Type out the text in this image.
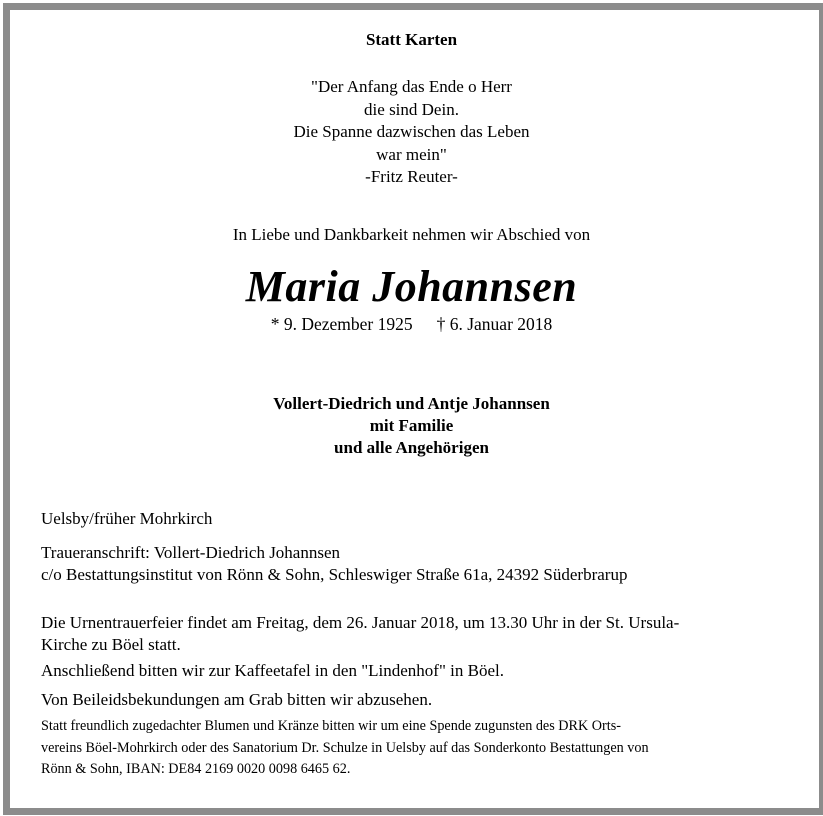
Statt Karten
"Der Anfang das Ende o Herr
die sind Dein.
Die Spanne dazwischen das Leben
war mein"
-Fritz Reuter-
In Liebe und Dankbarkeit nehmen wir Abschied von
Maria Johannsen
* 9. Dezember 1925 † 6. Januar 2018
Vollert-Diedrich und Antje Johannsen
mit Familie
und alle Angehörigen
Uelsby/früher Mohrkirch
Traueranschrift: Vollert-Diedrich Johannsen
c/o Bestattungsinstitut von Rönn & Sohn, Schleswiger Straße 61a, 24392 Süderbrarup
Die Urnentrauerfeier findet am Freitag, dem 26. Januar 2018, um 13.30 Uhr in der St. Ursula-
Kirche zu Böel statt.
Anschließend bitten wir zur Kaffeetafel in den "Lindenhof" in Böel.
Von Beileidsbekundungen am Grab bitten wir abzusehen.
Statt freundlich zugedachter Blumen und Kränze bitten wir um eine Spende zugunsten des DRK Orts-
vereins Böel-Mohrkirch oder des Sanatorium Dr. Schulze in Uelsby auf das Sonderkonto Bestattungen von
Rönn & Sohn, IBAN: DE84 2169 0020 0098 6465 62.
